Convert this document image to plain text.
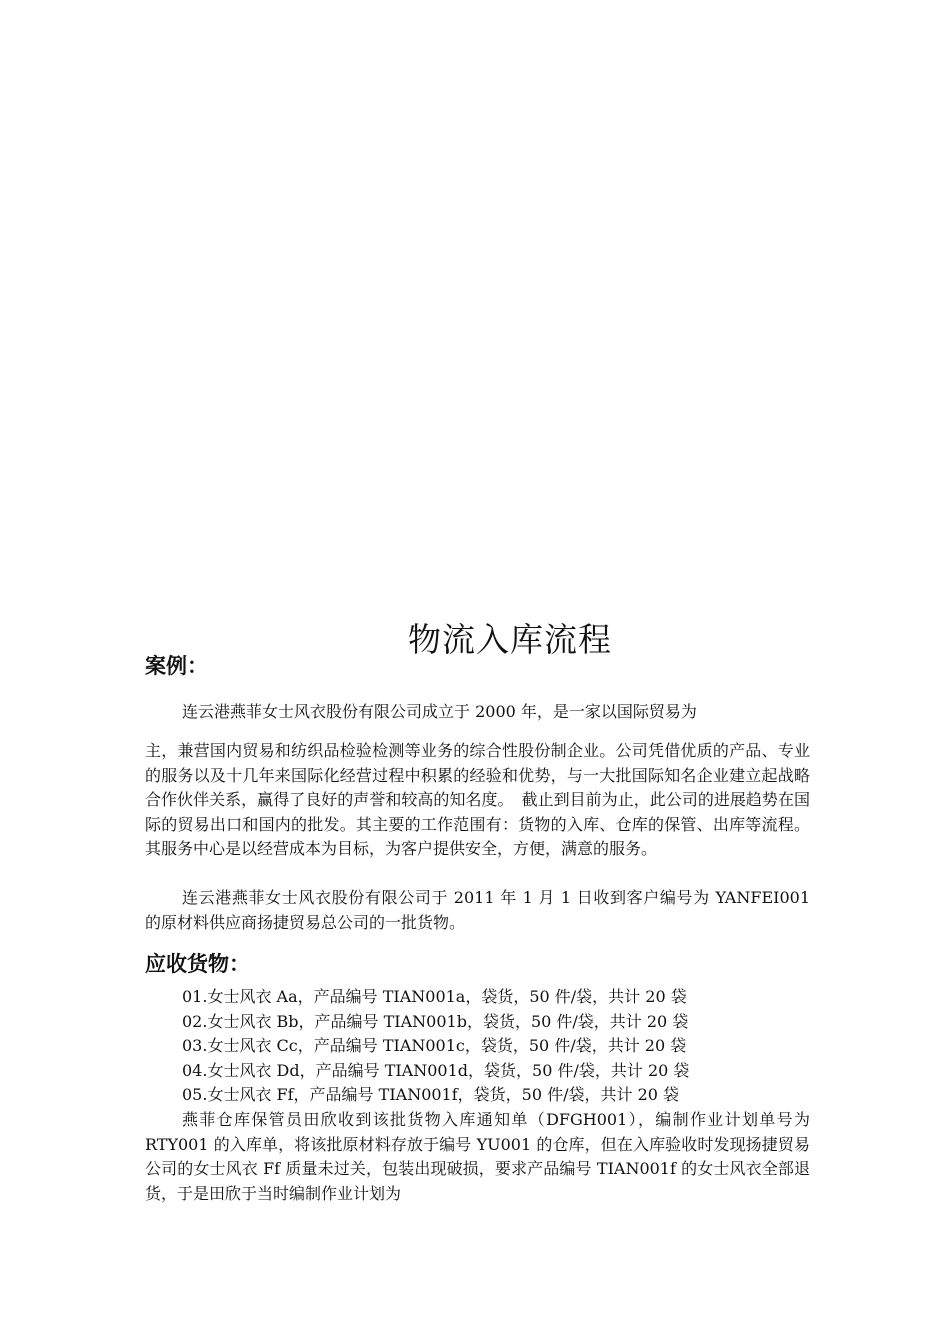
物流入库流程
案例：

连云港燕菲女士风衣股份有限公司成立于 2000 年，是一家以国际贸易为

主，兼营国内贸易和纺织品检验检测等业务的综合性股份制企业。公司凭借优质的产品、专业的服务以及十几年来国际化经营过程中积累的经验和优势，与一大批国际知名企业建立起战略合作伙伴关系，赢得了良好的声誉和较高的知名度。　截止到目前为止，此公司的进展趋势在国际的贸易出口和国内的批发。其主要的工作范围有：货物的入库、仓库的保管、出库等流程。其服务中心是以经营成本为目标，为客户提供安全，方便，满意的服务。

连云港燕菲女士风衣股份有限公司于 2011 年 1 月 1 日收到客户编号为 YANFEI001 的原材料供应商扬捷贸易总公司的一批货物。

应收货物：
01.女士风衣 Aa，产品编号 TIAN001a，袋货，50 件/袋，共计 20 袋
02.女士风衣 Bb，产品编号 TIAN001b，袋货，50 件/袋，共计 20 袋
03.女士风衣 Cc，产品编号 TIAN001c，袋货，50 件/袋，共计 20 袋
04.女士风衣 Dd，产品编号 TIAN001d，袋货，50 件/袋，共计 20 袋
05.女士风衣 Ff，产品编号 TIAN001f，袋货，50 件/袋，共计 20 袋

燕菲仓库保管员田欣收到该批货物入库通知单（DFGH001），编制作业计划单号为 RTY001 的入库单，将该批原材料存放于编号 YU001 的仓库，但在入库验收时发现扬捷贸易公司的女士风衣 Ff 质量未过关，包装出现破损，要求产品编号 TIAN001f 的女士风衣全部退货，于是田欣于当时编制作业计划为
